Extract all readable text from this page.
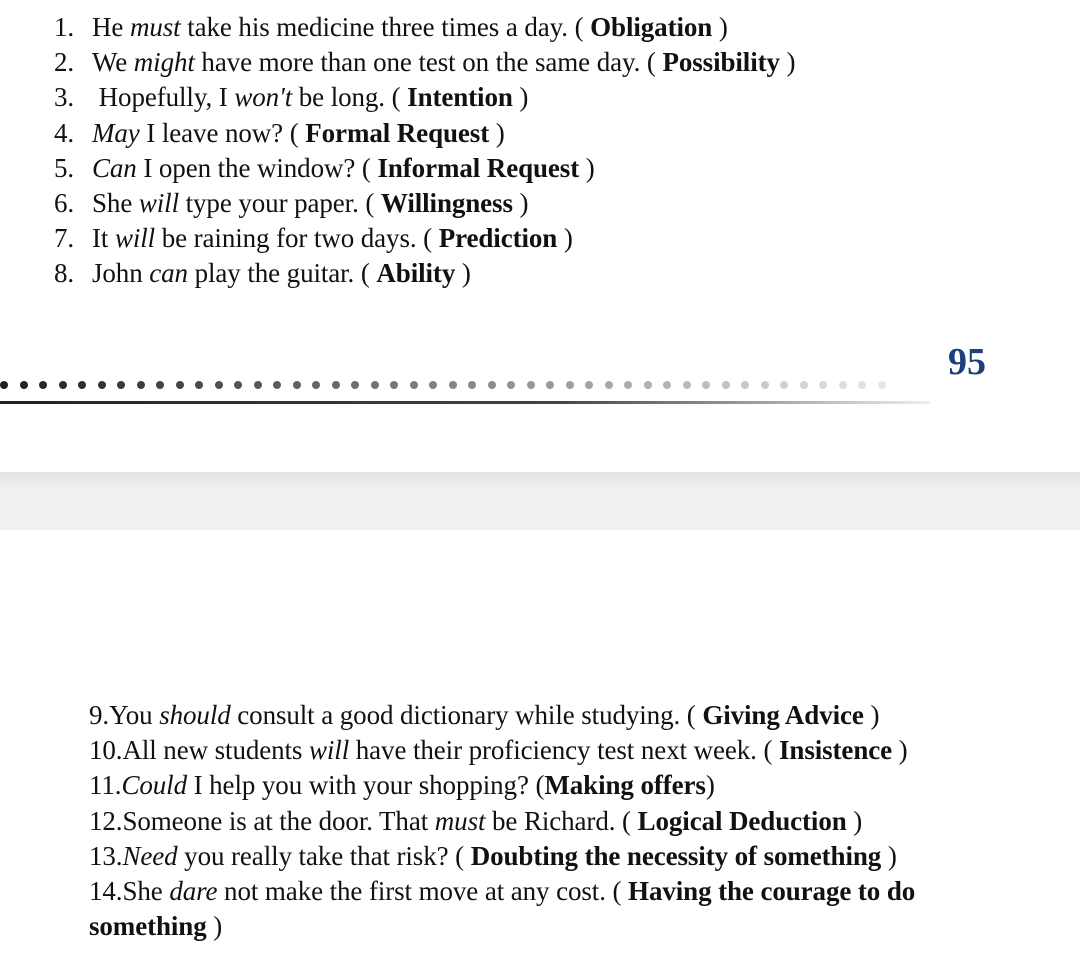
1. He must take his medicine three times a day. ( Obligation )
2. We might have more than one test on the same day. ( Possibility )
3. Hopefully, I won't be long. ( Intention )
4. May I leave now? ( Formal Request )
5. Can I open the window? ( Informal Request )
6. She will type your paper. ( Willingness )
7. It will be raining for two days. ( Prediction )
8. John can play the guitar. ( Ability )
95
9.You should consult a good dictionary while studying. ( Giving Advice )
10.All new students will have their proficiency test next week. ( Insistence )
11.Could I help you with your shopping? (Making offers)
12.Someone is at the door. That must be Richard. ( Logical Deduction )
13.Need you really take that risk? ( Doubting the necessity of something )
14.She dare not make the first move at any cost. ( Having the courage to do something )
